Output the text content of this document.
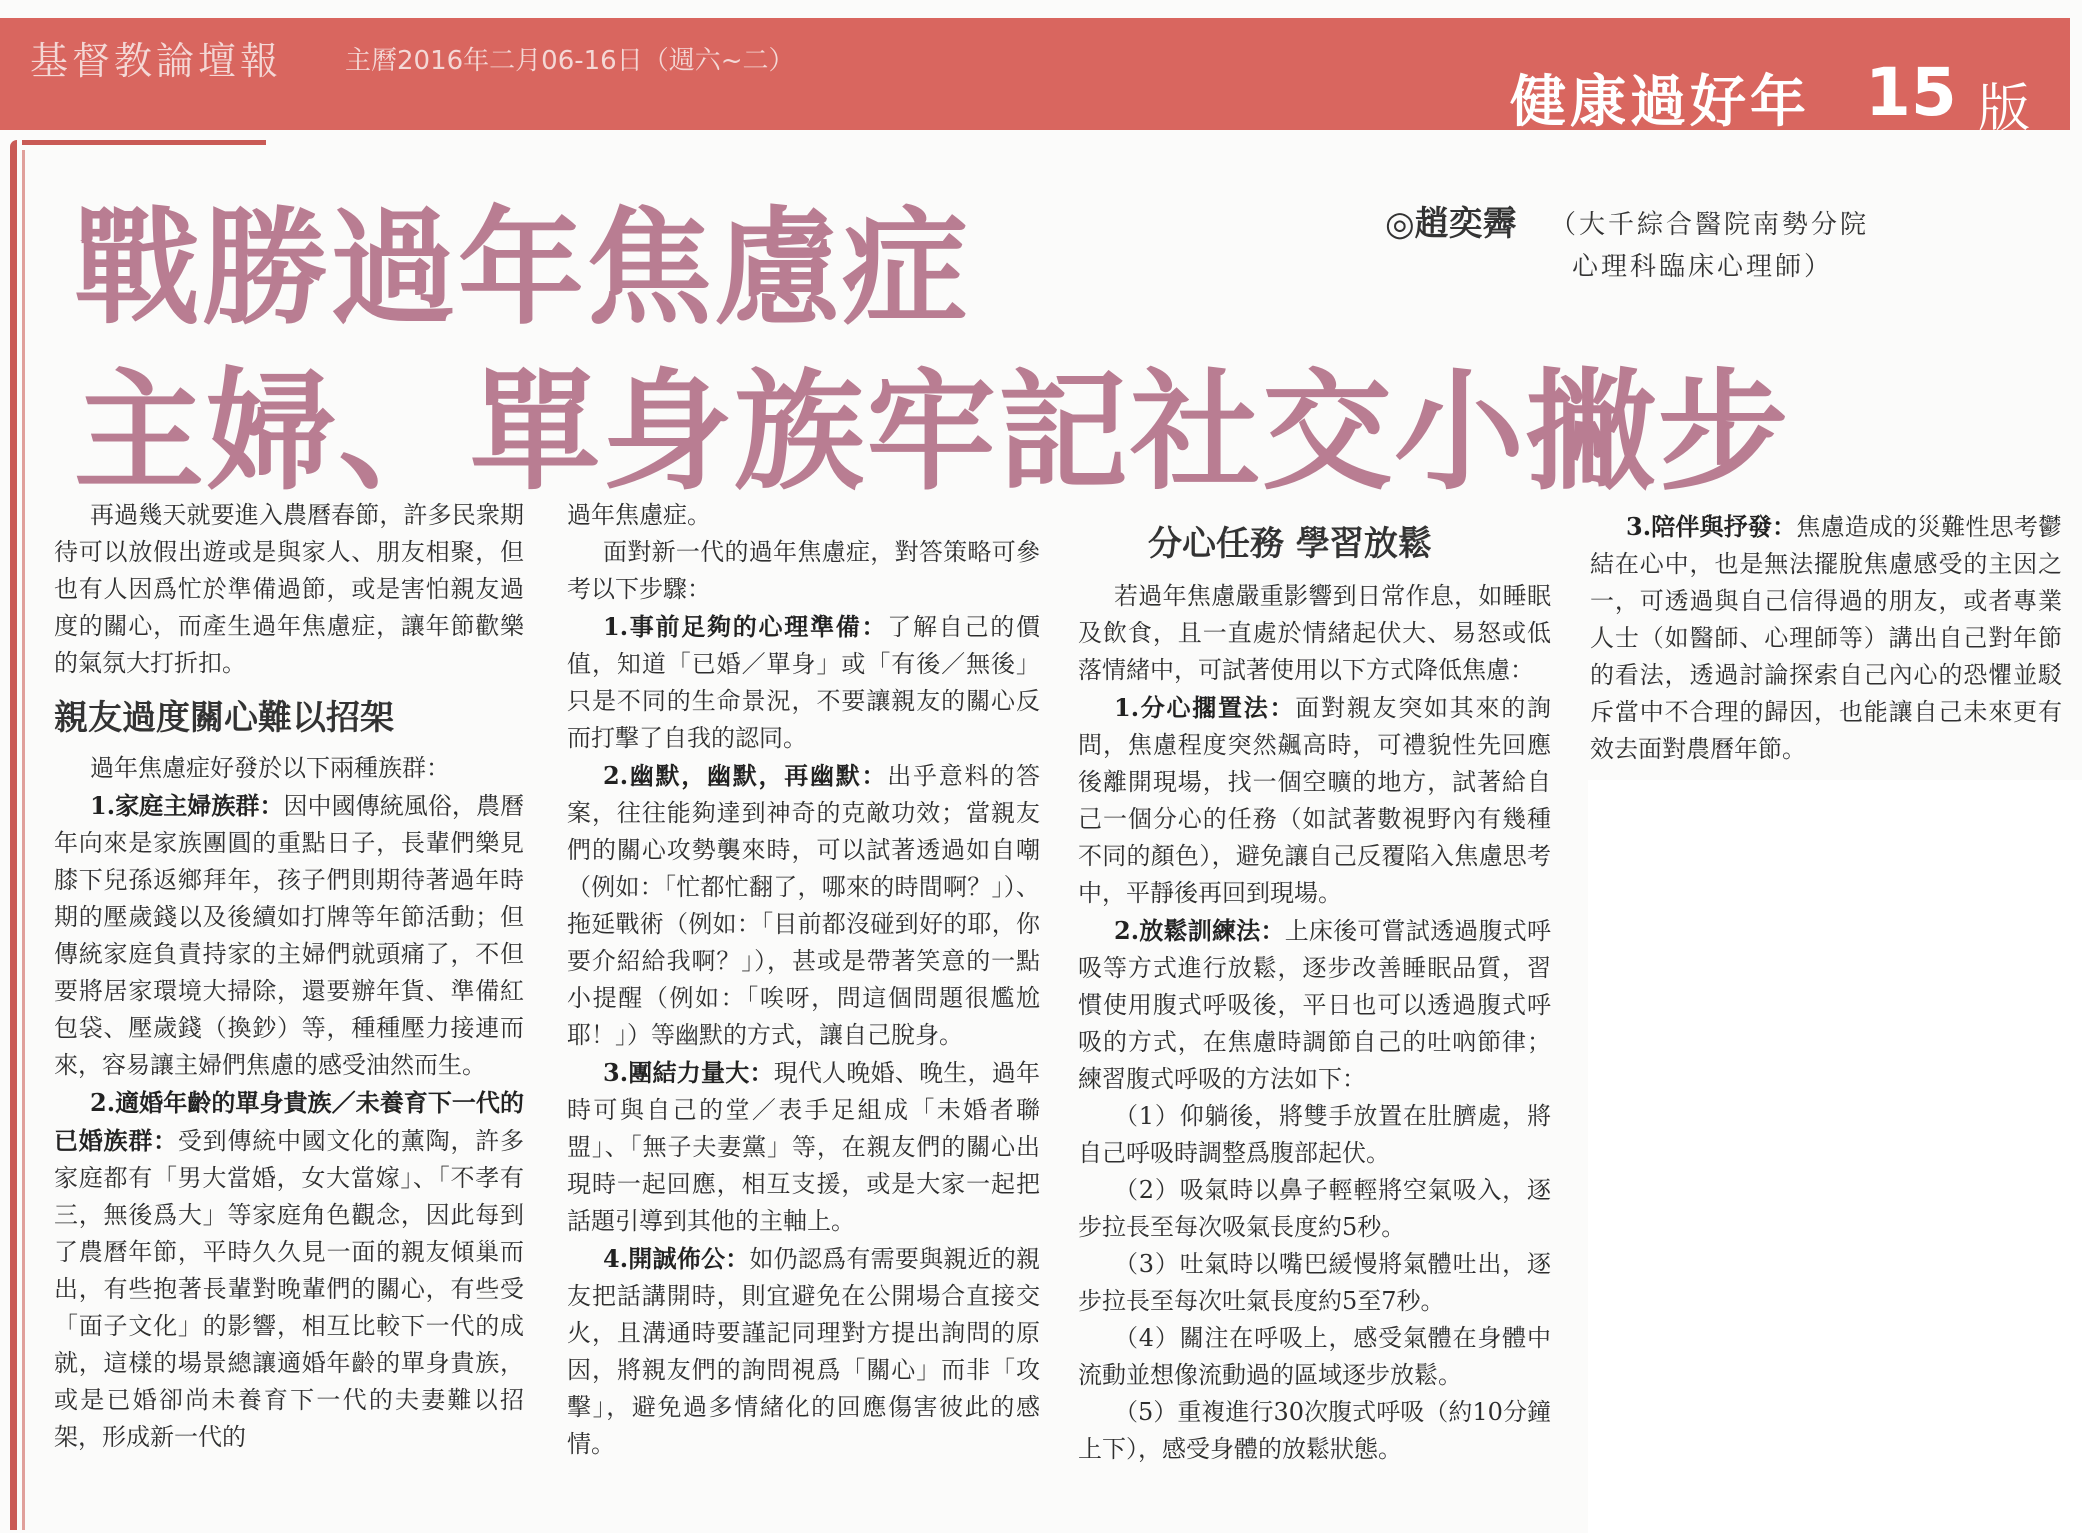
基督教論壇報 主曆2016年二月06-16日（週六~二）
健康過好年 15 版
戰勝過年焦慮症
主婦、單身族牢記社交小撇步
◎趙奕霽 （大千綜合醫院南勢分院
心理科臨床心理師）

再過幾天就要進入農曆春節，許多民衆期待可以放假出遊或是與家人、朋友相聚，但也有人因爲忙於準備過節，或是害怕親友過度的關心，而產生過年焦慮症，讓年節歡樂的氣氛大打折扣。

親友過度關心難以招架

過年焦慮症好發於以下兩種族群：

1.家庭主婦族群：因中國傳統風俗，農曆年向來是家族團圓的重點日子，長輩們樂見膝下兒孫返鄉拜年，孩子們則期待著過年時期的壓歲錢以及後續如打牌等年節活動；但傳統家庭負責持家的主婦們就頭痛了，不但要將居家環境大掃除，還要辦年貨、準備紅包袋、壓歲錢（換鈔）等，種種壓力接連而來，容易讓主婦們焦慮的感受油然而生。

2.適婚年齡的單身貴族／未養育下一代的已婚族群：受到傳統中國文化的薰陶，許多家庭都有「男大當婚，女大當嫁」、「不孝有三，無後爲大」等家庭角色觀念，因此每到了農曆年節，平時久久見一面的親友傾巢而出，有些抱著長輩對晚輩們的關心，有些受「面子文化」的影響，相互比較下一代的成就，這樣的場景總讓適婚年齡的單身貴族，或是已婚卻尚未養育下一代的夫妻難以招架，形成新一代的

過年焦慮症。

面對新一代的過年焦慮症，對答策略可參考以下步驟：

1.事前足夠的心理準備：了解自己的價值，知道「已婚／單身」或「有後／無後」只是不同的生命景況，不要讓親友的關心反而打擊了自我的認同。

2.幽默，幽默，再幽默：出乎意料的答案，往往能夠達到神奇的克敵功效；當親友們的關心攻勢襲來時，可以試著透過如自嘲（例如：「忙都忙翻了，哪來的時間啊？」）、拖延戰術（例如：「目前都沒碰到好的耶，你要介紹給我啊？」），甚或是帶著笑意的一點小提醒（例如：「唉呀，問這個問題很尷尬耶！」）等幽默的方式，讓自己脫身。

3.團結力量大：現代人晚婚、晚生，過年時可與自己的堂／表手足組成「未婚者聯盟」、「無子夫妻黨」等，在親友們的關心出現時一起回應，相互支援，或是大家一起把話題引導到其他的主軸上。

4.開誠佈公：如仍認爲有需要與親近的親友把話講開時，則宜避免在公開場合直接交火，且溝通時要謹記同理對方提出詢問的原因，將親友們的詢問視爲「關心」而非「攻擊」，避免過多情緒化的回應傷害彼此的感情。

分心任務 學習放鬆

若過年焦慮嚴重影響到日常作息，如睡眠及飲食，且一直處於情緒起伏大、易怒或低落情緒中，可試著使用以下方式降低焦慮：

1.分心擱置法：面對親友突如其來的詢問，焦慮程度突然飆高時，可禮貌性先回應後離開現場，找一個空曠的地方，試著給自己一個分心的任務（如試著數視野內有幾種不同的顏色），避免讓自己反覆陷入焦慮思考中，平靜後再回到現場。

2.放鬆訓練法：上床後可嘗試透過腹式呼吸等方式進行放鬆，逐步改善睡眠品質，習慣使用腹式呼吸後，平日也可以透過腹式呼吸的方式，在焦慮時調節自己的吐吶節律；練習腹式呼吸的方法如下：

（1）仰躺後，將雙手放置在肚臍處，將自己呼吸時調整爲腹部起伏。

（2）吸氣時以鼻子輕輕將空氣吸入，逐步拉長至每次吸氣長度約5秒。

（3）吐氣時以嘴巴緩慢將氣體吐出，逐步拉長至每次吐氣長度約5至7秒。

（4）關注在呼吸上，感受氣體在身體中流動並想像流動過的區域逐步放鬆。

（5）重複進行30次腹式呼吸（約10分鐘上下），感受身體的放鬆狀態。

3.陪伴與抒發：焦慮造成的災難性思考鬱結在心中，也是無法擺脫焦慮感受的主因之一，可透過與自己信得過的朋友，或者專業人士（如醫師、心理師等）講出自己對年節的看法，透過討論探索自己內心的恐懼並駁斥當中不合理的歸因，也能讓自己未來更有效去面對農曆年節。
